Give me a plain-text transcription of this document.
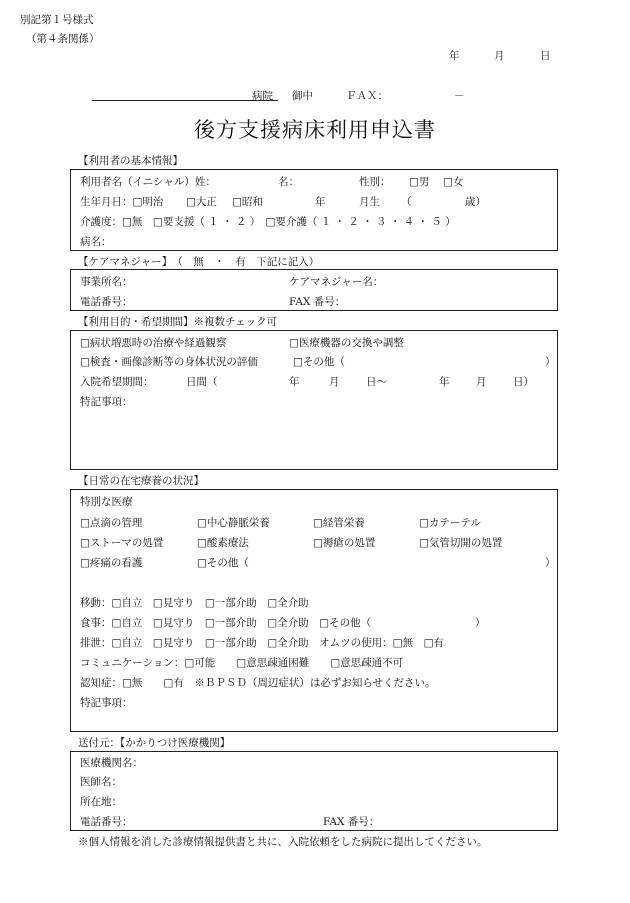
別記第１号様式
（第４条関係）
年	月	日
病院 御中	ＦＡＸ：	－
後方支援病床利用申込書
【利用者の基本情報】
利用者名（イニシャル）姓：	名：	性別： □男 □女
生年月日：□明治 □大正 □昭和	年	月生 （	歳）
介護度：□無　□要支援（ １ ・ ２ ）　□要介護（ １ ・ ２ ・ ３ ・ ４ ・ ５ ）
病名：
【ケアマネジャー】　（　無　・　有　下記に記入）
事業所名：	ケアマネジャー名：
電話番号：	FAX 番号：
【利用目的・希望期間】※複数チェック可
□病状増悪時の治療や経過観察	□医療機器の交換や調整
□検査・画像診断等の身体状況の評価	□その他（	）
入院希望期間：	日間（	年	月	日〜	年	月	日）
特記事項：
【日常の在宅療養の状況】
特別な医療
□点滴の管理	□中心静脈栄養	□経管栄養	□カテーテル
□ストーマの処置	□酸素療法	□褥瘡の処置	□気管切開の処置
□疼痛の看護	□その他（	）
移動：□自立　□見守り　□一部介助　□全介助
食事：□自立　□見守り　□一部介助　□全介助　□その他（	）
排泄：□自立　□見守り　□一部介助　□全介助　オムツの使用：□無　□有
コミュニケーション：□可能　　□意思疎通困難　　□意思疎通不可
認知症：□無　　□有　※ＢＰＳＤ（周辺症状）は必ずお知らせください。
特記事項：
送付元：【かかりつけ医療機関】
医療機関名：
医師名：
所在地：
電話番号：	FAX 番号：
※個人情報を消した診療情報提供書と共に、入院依頼をした病院に提出してください。
